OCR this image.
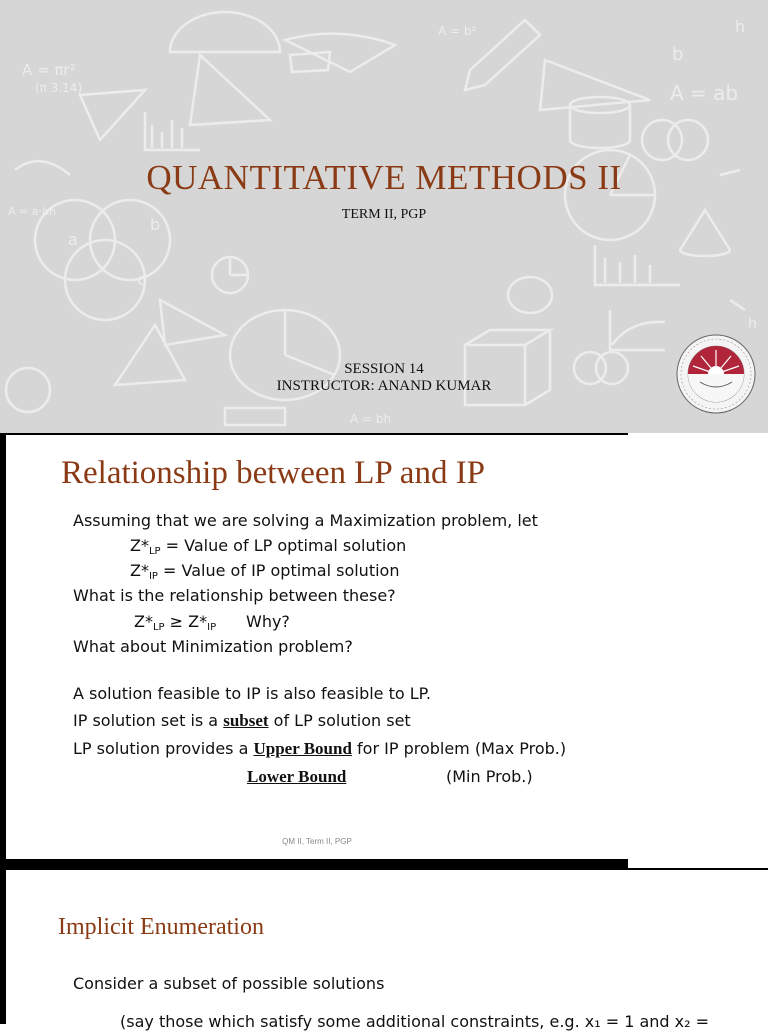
A = πr²
(π 3.14)
A = a·bh
A = b²
A = ab
A = bh
b
h
h
a
b
c
QUANTITATIVE METHODS II
TERM II, PGP
SESSION 14
INSTRUCTOR: ANAND KUMAR
Relationship between LP and IP
Assuming that we are solving a Maximization problem, let
$Z*_{LP}$ = Value of LP optimal solution
$Z*_{IP}$ = Value of IP optimal solution
What is the relationship between these?
$Z*_{LP} \ge Z*_{IP}$ Why?
What about Minimization problem?
A solution feasible to IP is also feasible to LP.
IP solution set is a subset of LP solution set
LP solution provides a Upper Bound for IP problem (Max Prob.)
Lower Bound	(Min Prob.)
QM II, Term II, PGP
Implicit Enumeration
Consider a subset of possible solutions
(say those which satisfy some additional constraints, e.g. x₁ = 1 and x₂ =
